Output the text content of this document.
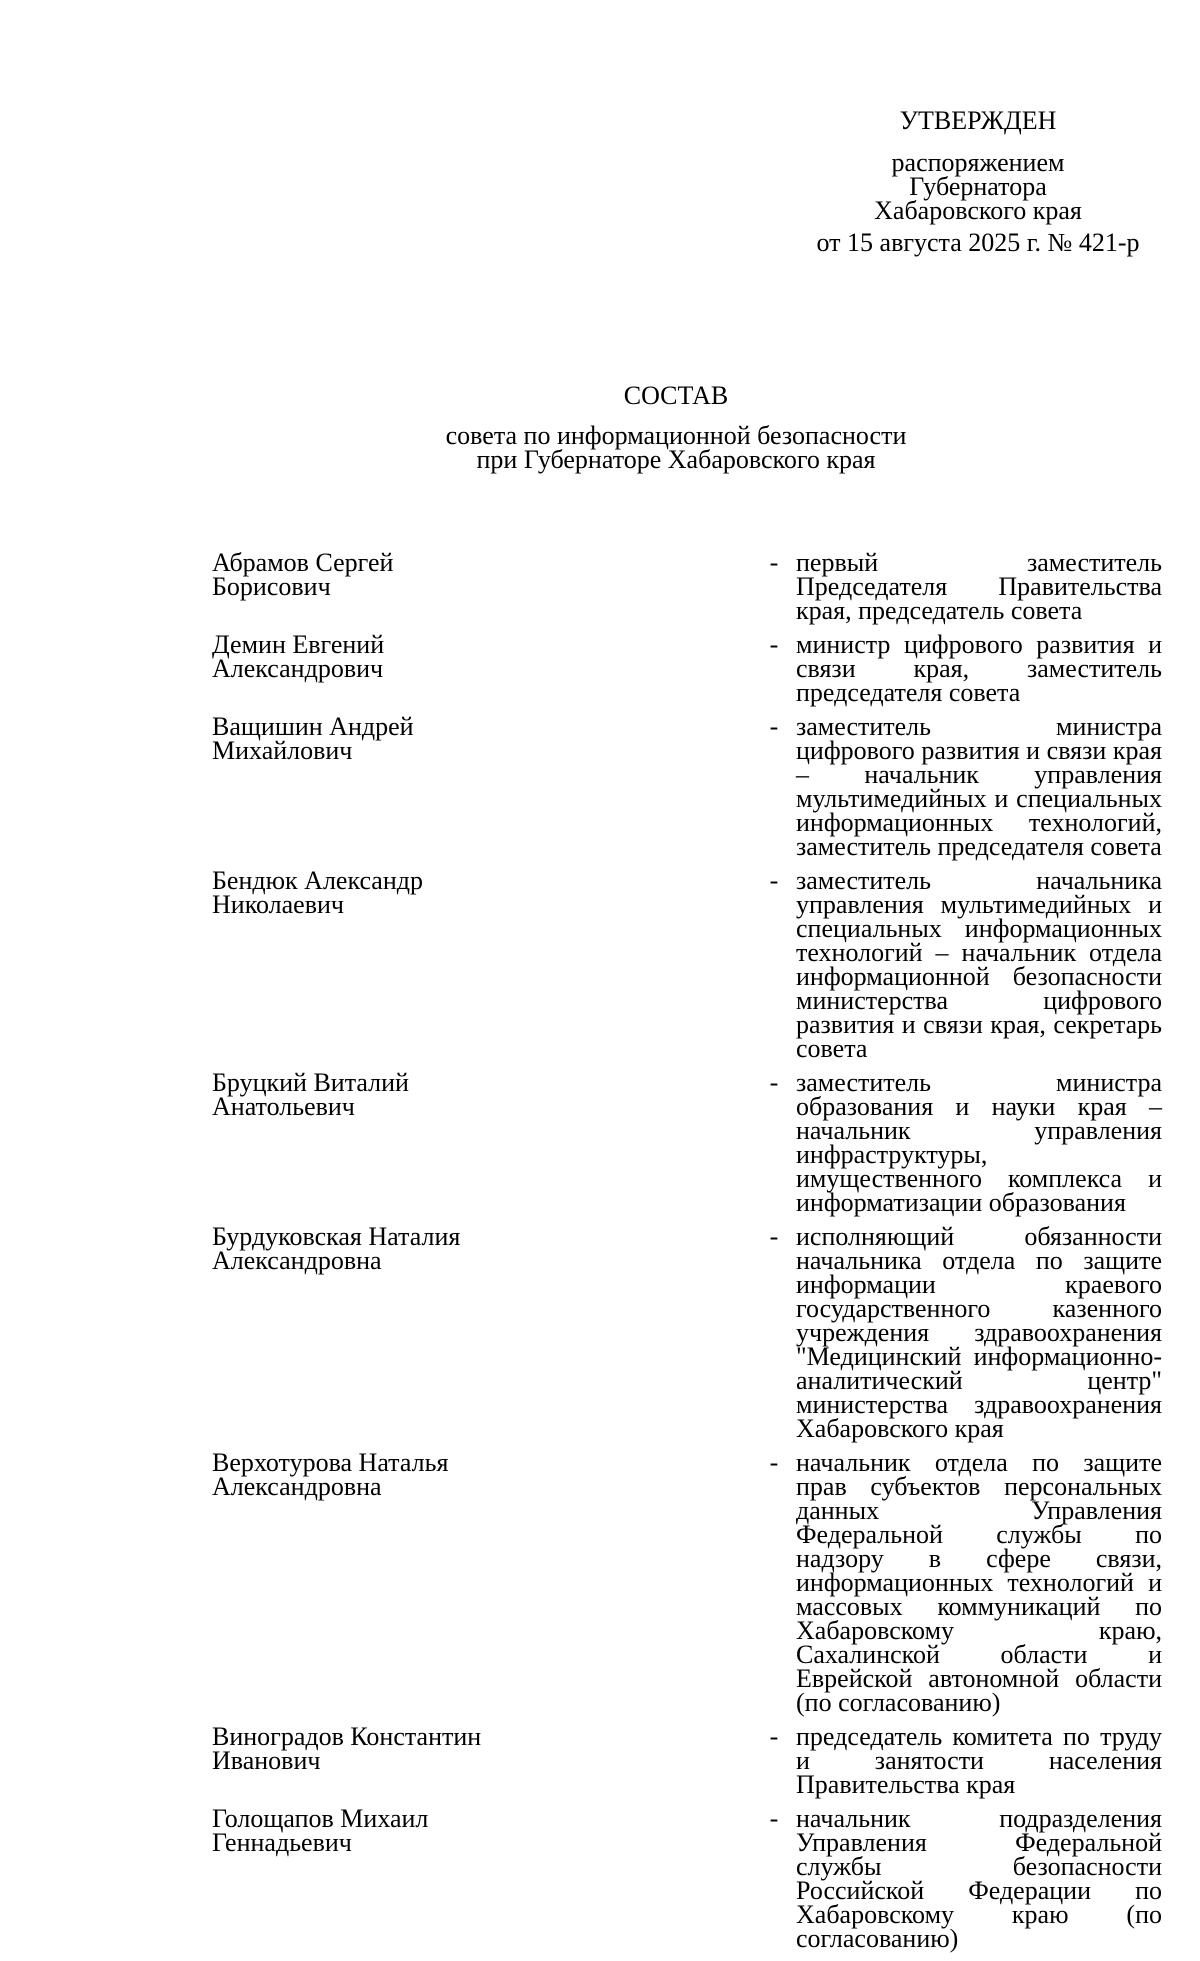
УТВЕРЖДЕН
распоряжением
Губернатора
Хабаровского края
от 15 августа 2025 г. № 421-р
СОСТАВ
совета по информационной безопасности
при Губернаторе Хабаровского края
Абрамов Сергей
Борисович
- первый заместитель Председателя Правительства края, председатель совета
Демин Евгений
Александрович
- министр цифрового развития и связи края, заместитель председателя совета
Ващишин Андрей
Михайлович
- заместитель министра цифрового развития и связи края – начальник управления мультимедийных и специальных информационных технологий, заместитель председателя совета
Бендюк Александр
Николаевич
- заместитель начальника управления мультимедийных и специальных информационных технологий – начальник отдела информационной безопасности министерства цифрового развития и связи края, секретарь совета
Бруцкий Виталий
Анатольевич
- заместитель министра образования и науки края – начальник управления инфраструктуры, имущественного комплекса и информатизации образования
Бурдуковская Наталия
Александровна
- исполняющий обязанности начальника отдела по защите информации краевого государственного казенного учреждения здравоохранения "Медицинский информационно-аналитический центр" министерства здравоохранения Хабаровского края
Верхотурова Наталья
Александровна
- начальник отдела по защите прав субъектов персональных данных Управления Федеральной службы по надзору в сфере связи, информационных технологий и массовых коммуникаций по Хабаровскому краю, Сахалинской области и Еврейской автономной области (по согласованию)
Виноградов Константин
Иванович
- председатель комитета по труду и занятости населения Правительства края
Голощапов Михаил
Геннадьевич
- начальник подразделения Управления Федеральной службы безопасности Российской Федерации по Хабаровскому краю (по согласованию)
